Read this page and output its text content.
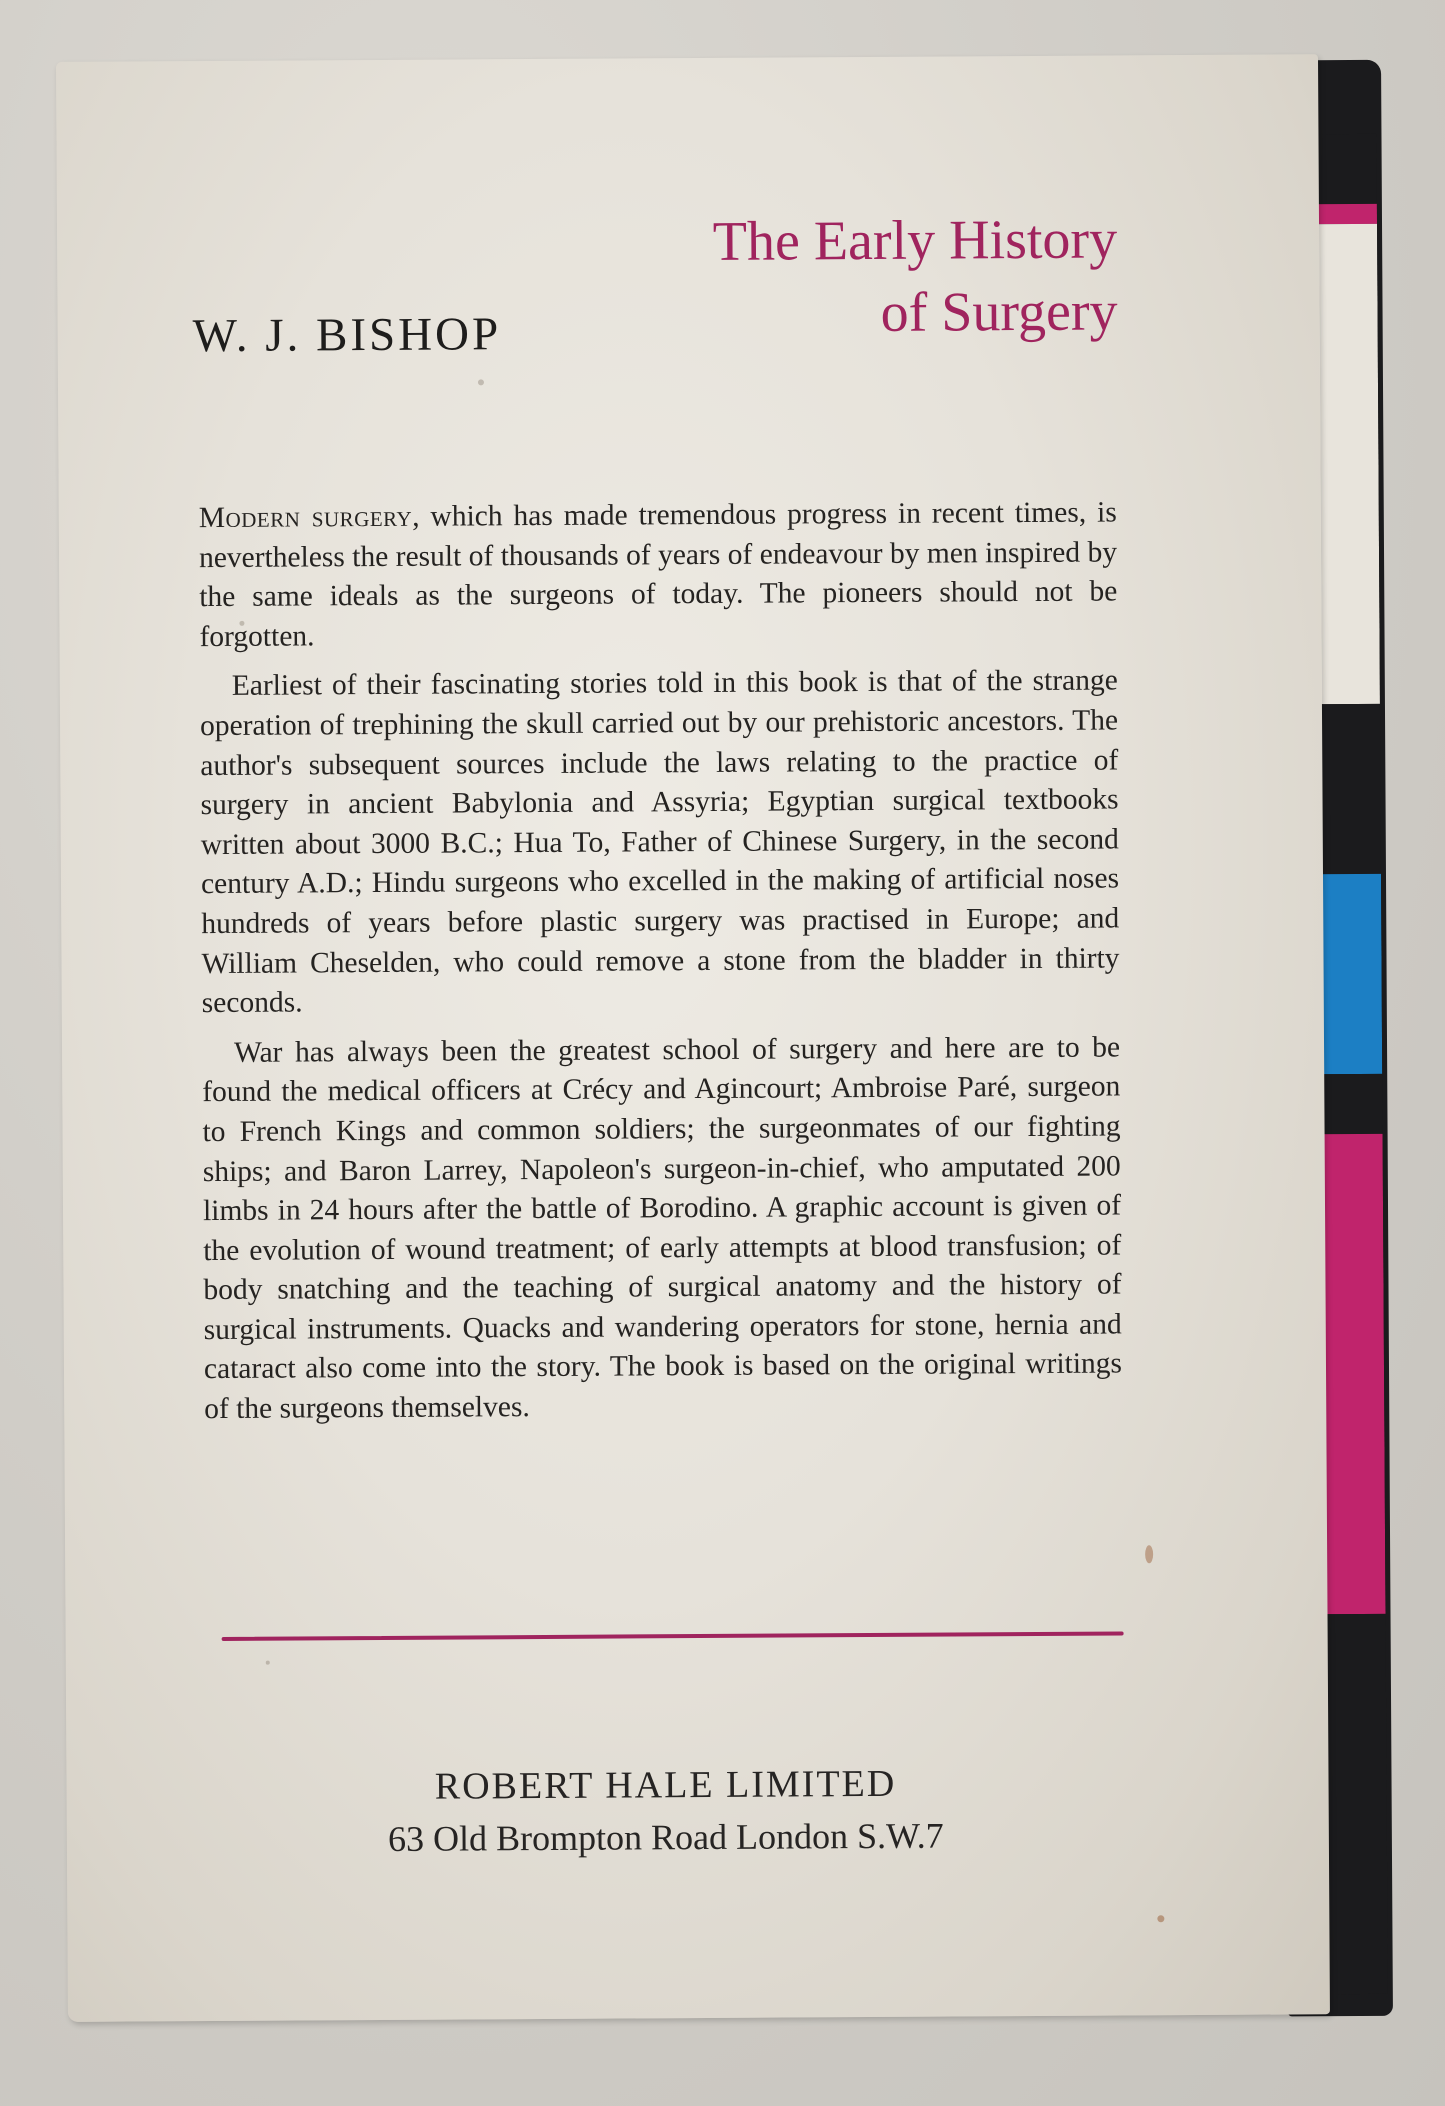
W. J. BISHOP
The Early History
of Surgery

Modern surgery, which has made tremendous progress in recent times, is nevertheless the result of thousands of years of endeavour by men inspired by the same ideals as the surgeons of today. The pioneers should not be forgotten.

Earliest of their fascinating stories told in this book is that of the strange operation of trephining the skull carried out by our prehistoric ancestors. The author's subsequent sources include the laws relating to the practice of surgery in ancient Babylonia and Assyria; Egyptian surgical textbooks written about 3000 B.C.; Hua To, Father of Chinese Surgery, in the second century A.D.; Hindu surgeons who excelled in the making of artificial noses hundreds of years before plastic surgery was practised in Europe; and William Cheselden, who could remove a stone from the bladder in thirty seconds.

War has always been the greatest school of surgery and here are to be found the medical officers at Crécy and Agincourt; Ambroise Paré, surgeon to French Kings and common soldiers; the surgeonmates of our fighting ships; and Baron Larrey, Napoleon's surgeon-in-chief, who amputated 200 limbs in 24 hours after the battle of Borodino. A graphic account is given of the evolution of wound treatment; of early attempts at blood transfusion; of body snatching and the teaching of surgical anatomy and the history of surgical instruments. Quacks and wandering operators for stone, hernia and cataract also come into the story. The book is based on the original writings of the surgeons themselves.

ROBERT HALE LIMITED
63 Old Brompton Road London S.W.7
